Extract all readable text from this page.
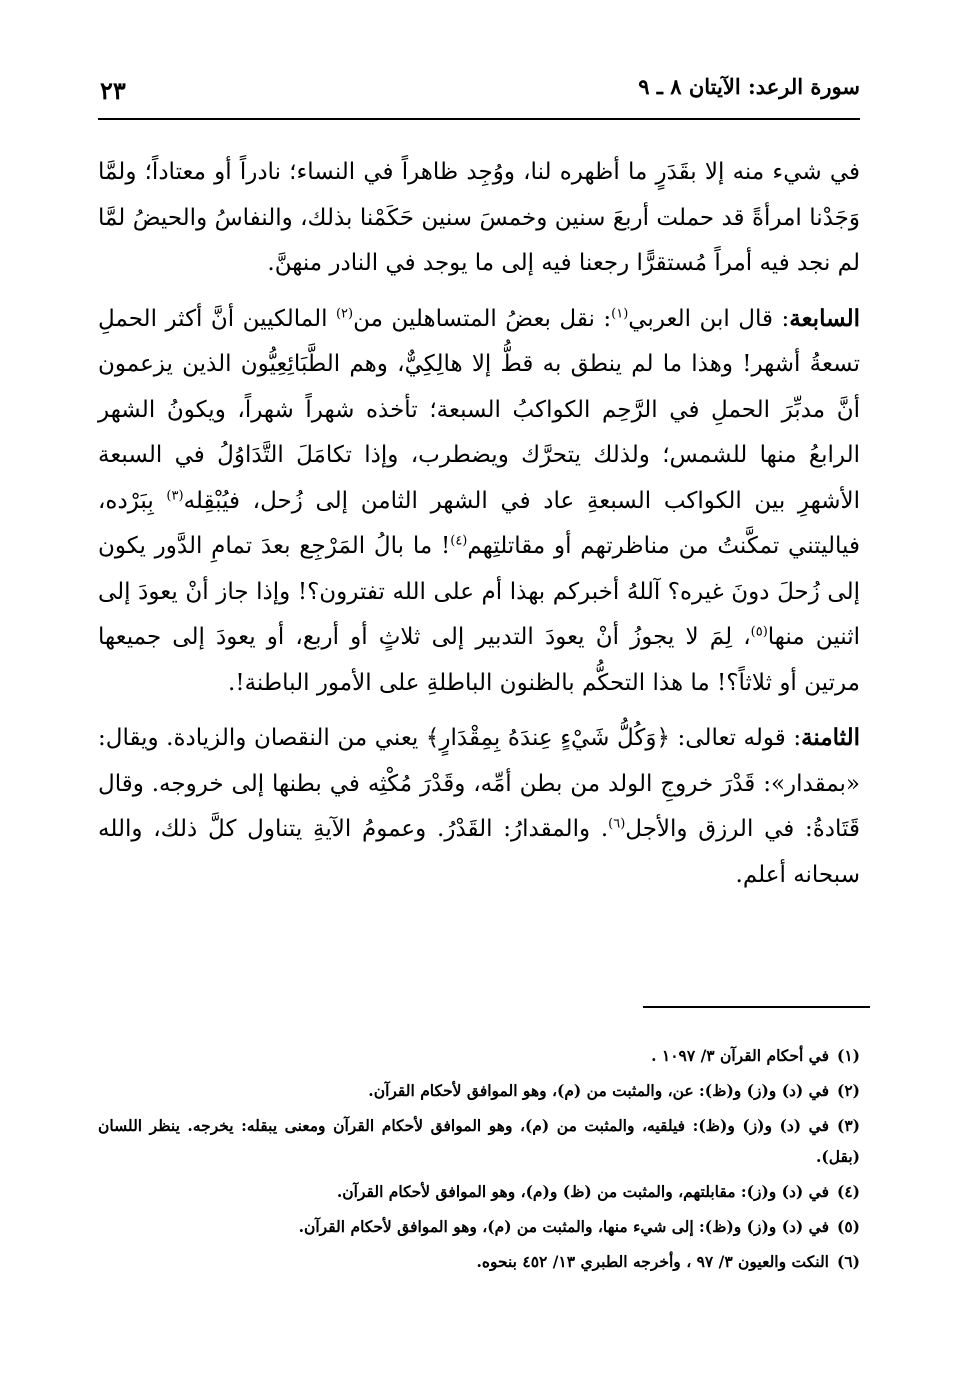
سورة الرعد: الآيتان ٨ ـ ٩
٢٣

في شيء منه إلا بقَدَرٍ ما أظهره لنا، ووُجِد ظاهراً في النساء؛ نادراً أو معتاداً؛ ولمَّا وَجَدْنا امرأةً قد حملت أربعَ سنين وخمسَ سنين حَكَمْنا بذلك، والنفاسُ والحيضُ لمَّا لم نجد فيه أمراً مُستقرًّا رجعنا فيه إلى ما يوجد في النادر منهنَّ.

السابعة: قال ابن العربي$^{(١)}$: نقل بعضُ المتساهلين من$^{(٢)}$ المالكيين أنَّ أكثر الحملِ تسعةُ أشهر! وهذا ما لم ينطق به قطُّ إلا هالِكِيٌّ، وهم الطَّبَائِعِيُّون الذين يزعمون أنَّ مدبِّرَ الحملِ في الرَّحِم الكواكبُ السبعة؛ تأخذه شهراً شهراً، ويكونُ الشهر الرابعُ منها للشمس؛ ولذلك يتحرَّك ويضطرب، وإذا تكامَلَ التَّدَاوُلُ في السبعة الأشهرِ بين الكواكب السبعةِ عاد في الشهر الثامن إلى زُحل، فيُبْقِله$^{(٣)}$ بِبَرْده، فياليتني تمكَّنتُ من مناظرتهم أو مقاتلتِهم$^{(٤)}$! ما بالُ المَرْجِع بعدَ تمامِ الدَّور يكون إلى زُحلَ دونَ غيره؟ آللهُ أخبركم بهذا أم على الله تفترون؟! وإذا جاز أنْ يعودَ إلى اثنين منها$^{(٥)}$، لِمَ لا يجوزُ أنْ يعودَ التدبير إلى ثلاثٍ أو أربع، أو يعودَ إلى جميعها مرتين أو ثلاثاً؟! ما هذا التحكُّم بالظنون الباطلةِ على الأمور الباطنة!.

الثامنة: قوله تعالى: ﴿وَكُلُّ شَيْءٍ عِندَهُ بِمِقْدَارٍ﴾ يعني من النقصان والزيادة. ويقال: «بمقدار»: قَدْرَ خروجِ الولد من بطن أمِّه، وقَدْرَ مُكْثِه في بطنها إلى خروجه. وقال قَتَادةُ: في الرزق والأجل$^{(٦)}$. والمقدارُ: القَدْرُ. وعمومُ الآيةِ يتناول كلَّ ذلك، والله سبحانه أعلم.

(١)في أحكام القرآن ٣/ ١٠٩٧ .
(٢)في (د) و(ز) و(ظ): عن، والمثبت من (م)، وهو الموافق لأحكام القرآن.
(٣)في (د) و(ز) و(ظ): فيلقيه، والمثبت من (م)، وهو الموافق لأحكام القرآن ومعنى يبقله: يخرجه. ينظر اللسان (بقل).
(٤)في (د) و(ز): مقابلتهم، والمثبت من (ظ) و(م)، وهو الموافق لأحكام القرآن.
(٥)في (د) و(ز) و(ظ): إلى شيء منها، والمثبت من (م)، وهو الموافق لأحكام القرآن.
(٦)النكت والعيون ٣/ ٩٧ ، وأخرجه الطبري ١٣/ ٤٥٢ بنحوه.
